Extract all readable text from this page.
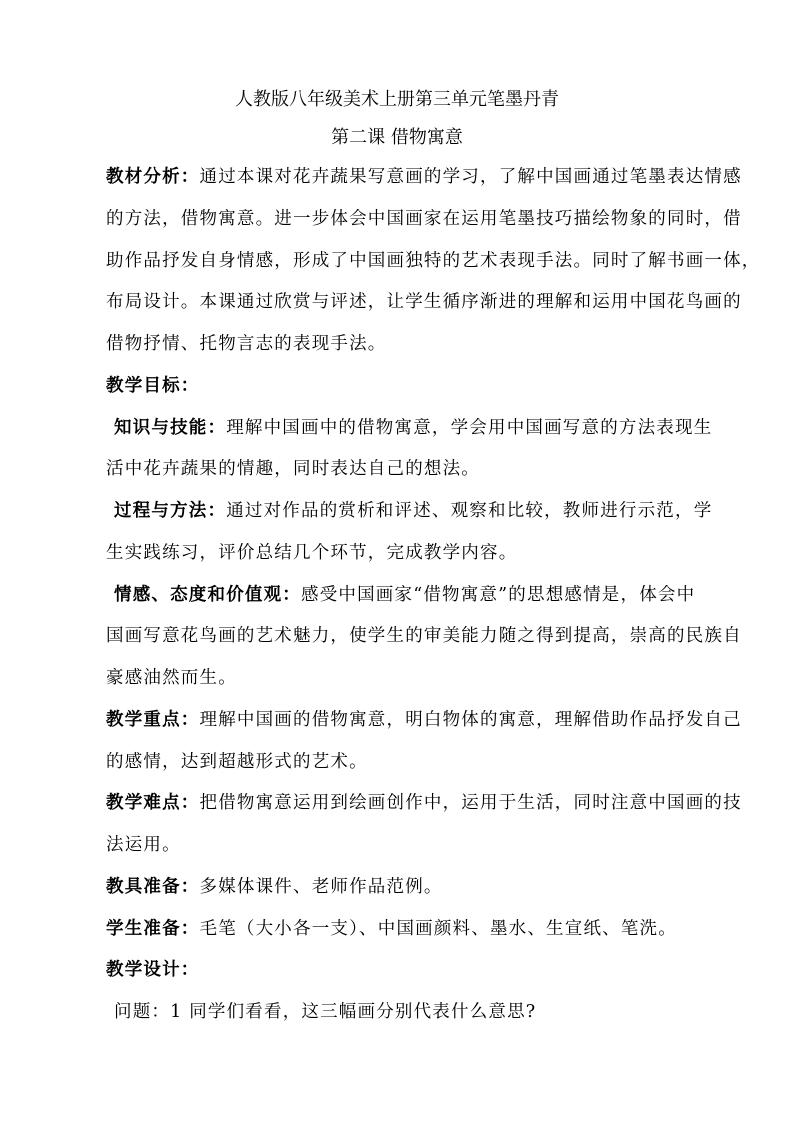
人教版八年级美术上册第三单元笔墨丹青
第二课 借物寓意
教材分析：通过本课对花卉蔬果写意画的学习，了解中国画通过笔墨表达情感
的方法，借物寓意。进一步体会中国画家在运用笔墨技巧描绘物象的同时，借
助作品抒发自身情感，形成了中国画独特的艺术表现手法。同时了解书画一体，
布局设计。本课通过欣赏与评述，让学生循序渐进的理解和运用中国花鸟画的
借物抒情、托物言志的表现手法。
教学目标：
知识与技能：理解中国画中的借物寓意，学会用中国画写意的方法表现生
活中花卉蔬果的情趣，同时表达自己的想法。
过程与方法：通过对作品的赏析和评述、观察和比较，教师进行示范，学
生实践练习，评价总结几个环节，完成教学内容。
情感、态度和价值观：感受中国画家“借物寓意”的思想感情是，体会中
国画写意花鸟画的艺术魅力，使学生的审美能力随之得到提高，崇高的民族自
豪感油然而生。
教学重点：理解中国画的借物寓意，明白物体的寓意，理解借助作品抒发自己
的感情，达到超越形式的艺术。
教学难点：把借物寓意运用到绘画创作中，运用于生活，同时注意中国画的技
法运用。
教具准备：多媒体课件、老师作品范例。
学生准备：毛笔（大小各一支）、中国画颜料、墨水、生宣纸、笔洗。
教学设计：
问题：1 同学们看看，这三幅画分别代表什么意思?
